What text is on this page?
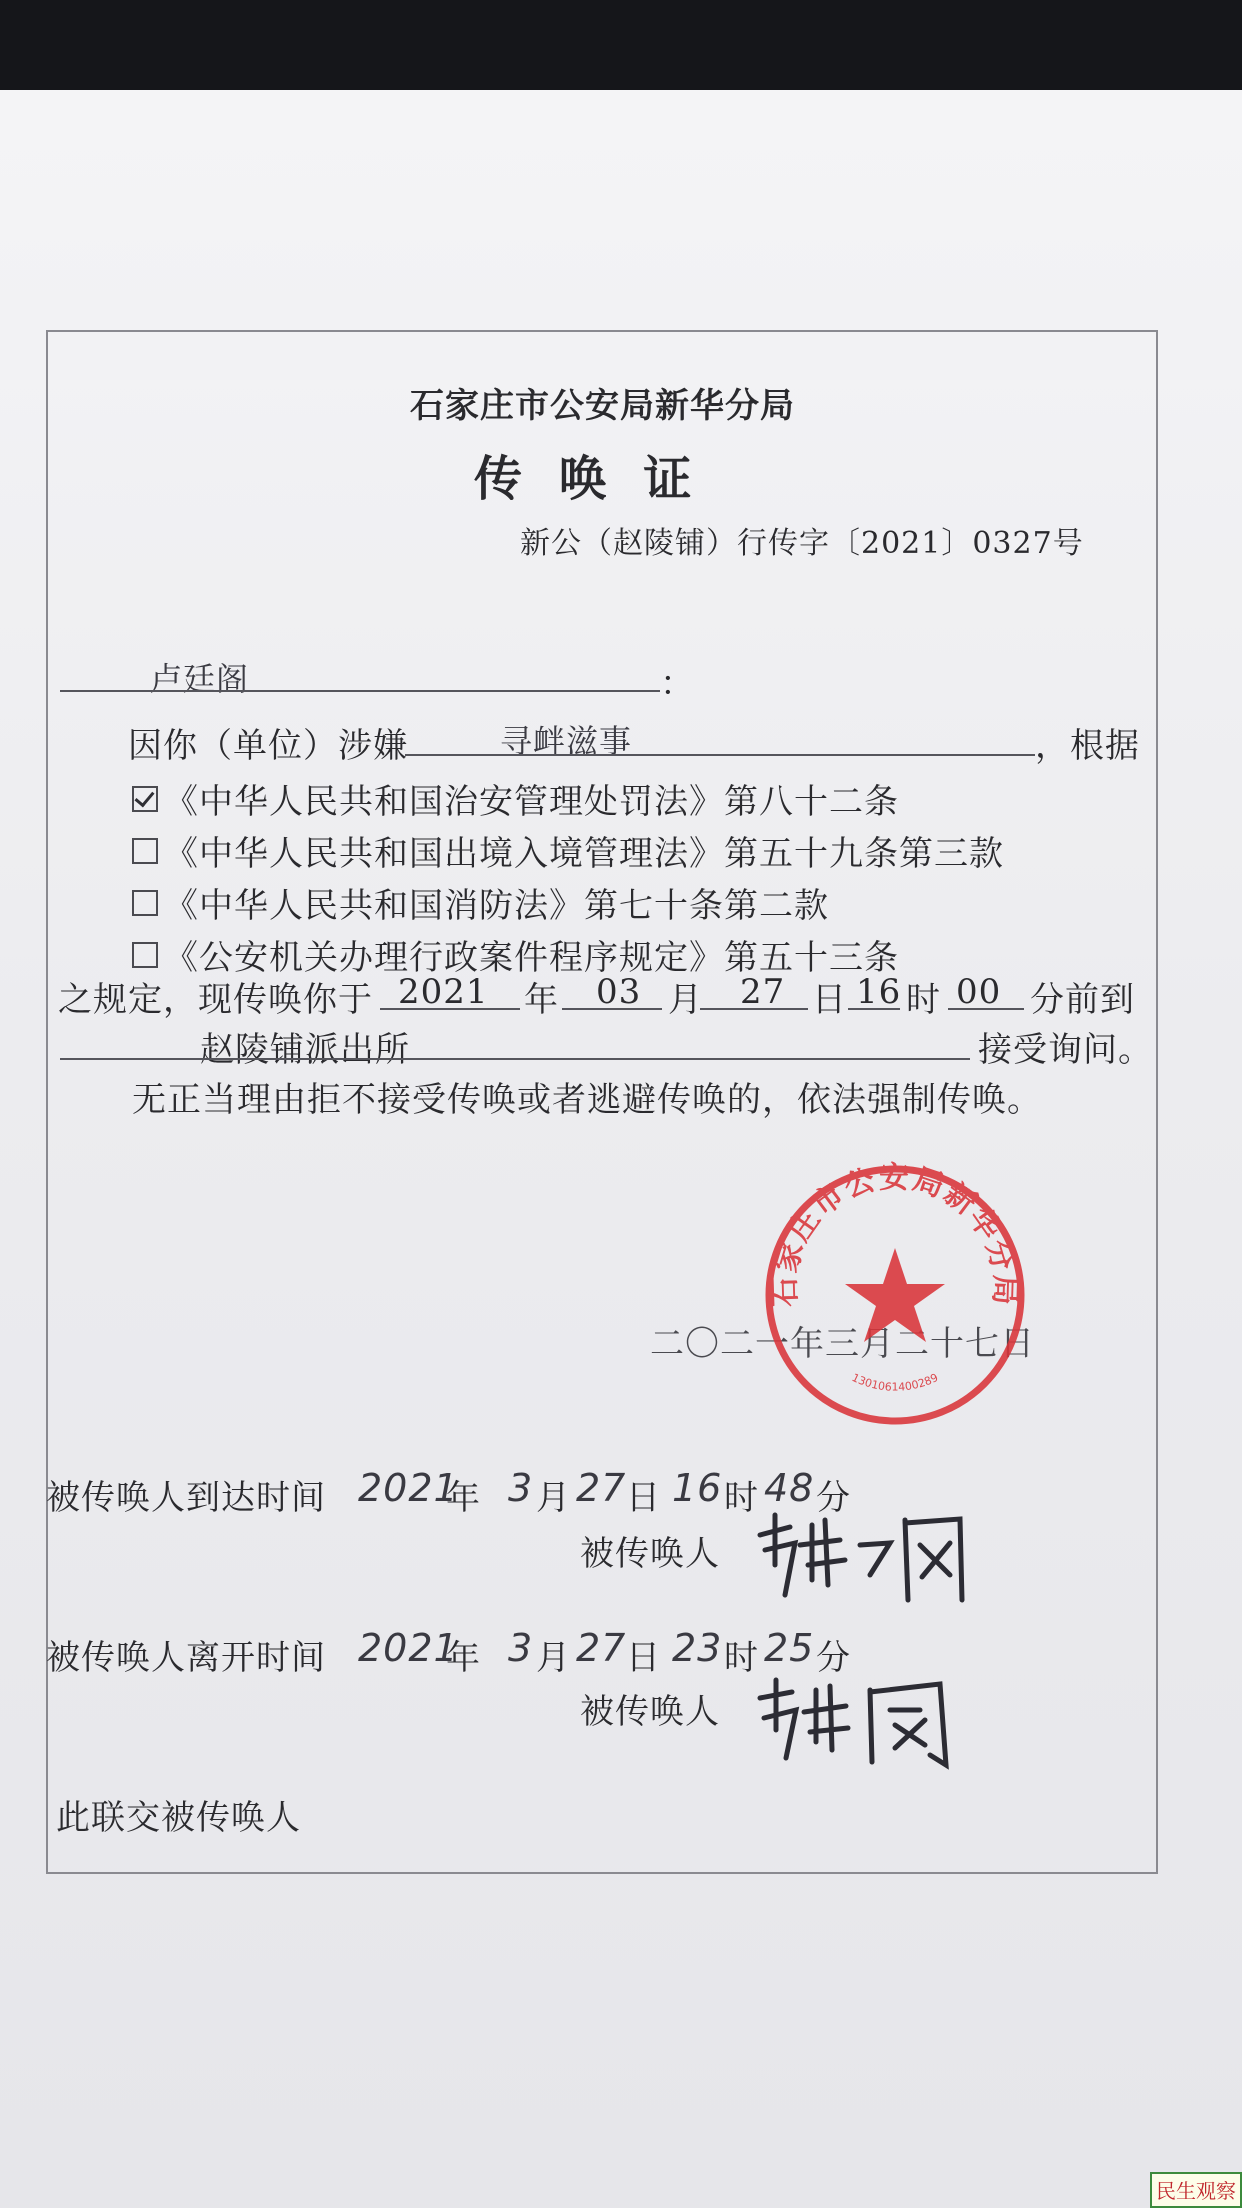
石家庄市公安局新华分局
传 唤 证
新公（赵陵铺）行传字〔2021〕0327号
卢廷阁	：
因你（单位）涉嫌	寻衅滋事	，根据
《中华人民共和国治安管理处罚法》第八十二条
《中华人民共和国出境入境管理法》第五十九条第三款
《中华人民共和国消防法》第七十条第二款
《公安机关办理行政案件程序规定》第五十三条
之规定，现传唤你于 2021 年 03 月 27 日 16 时 00 分前到
赵陵铺派出所	接受询问。
无正当理由拒不接受传唤或者逃避传唤的，依法强制传唤。
二〇二一年三月二十七日
石家庄市公安局新华分局
1301061400289
被传唤人到达时间 2021
年 3 月 27 日 16 时 48 分
被传唤人
被传唤人离开时间 2021
年 3 月 27 日 23 时 25 分
被传唤人
此联交被传唤人
民生观察
